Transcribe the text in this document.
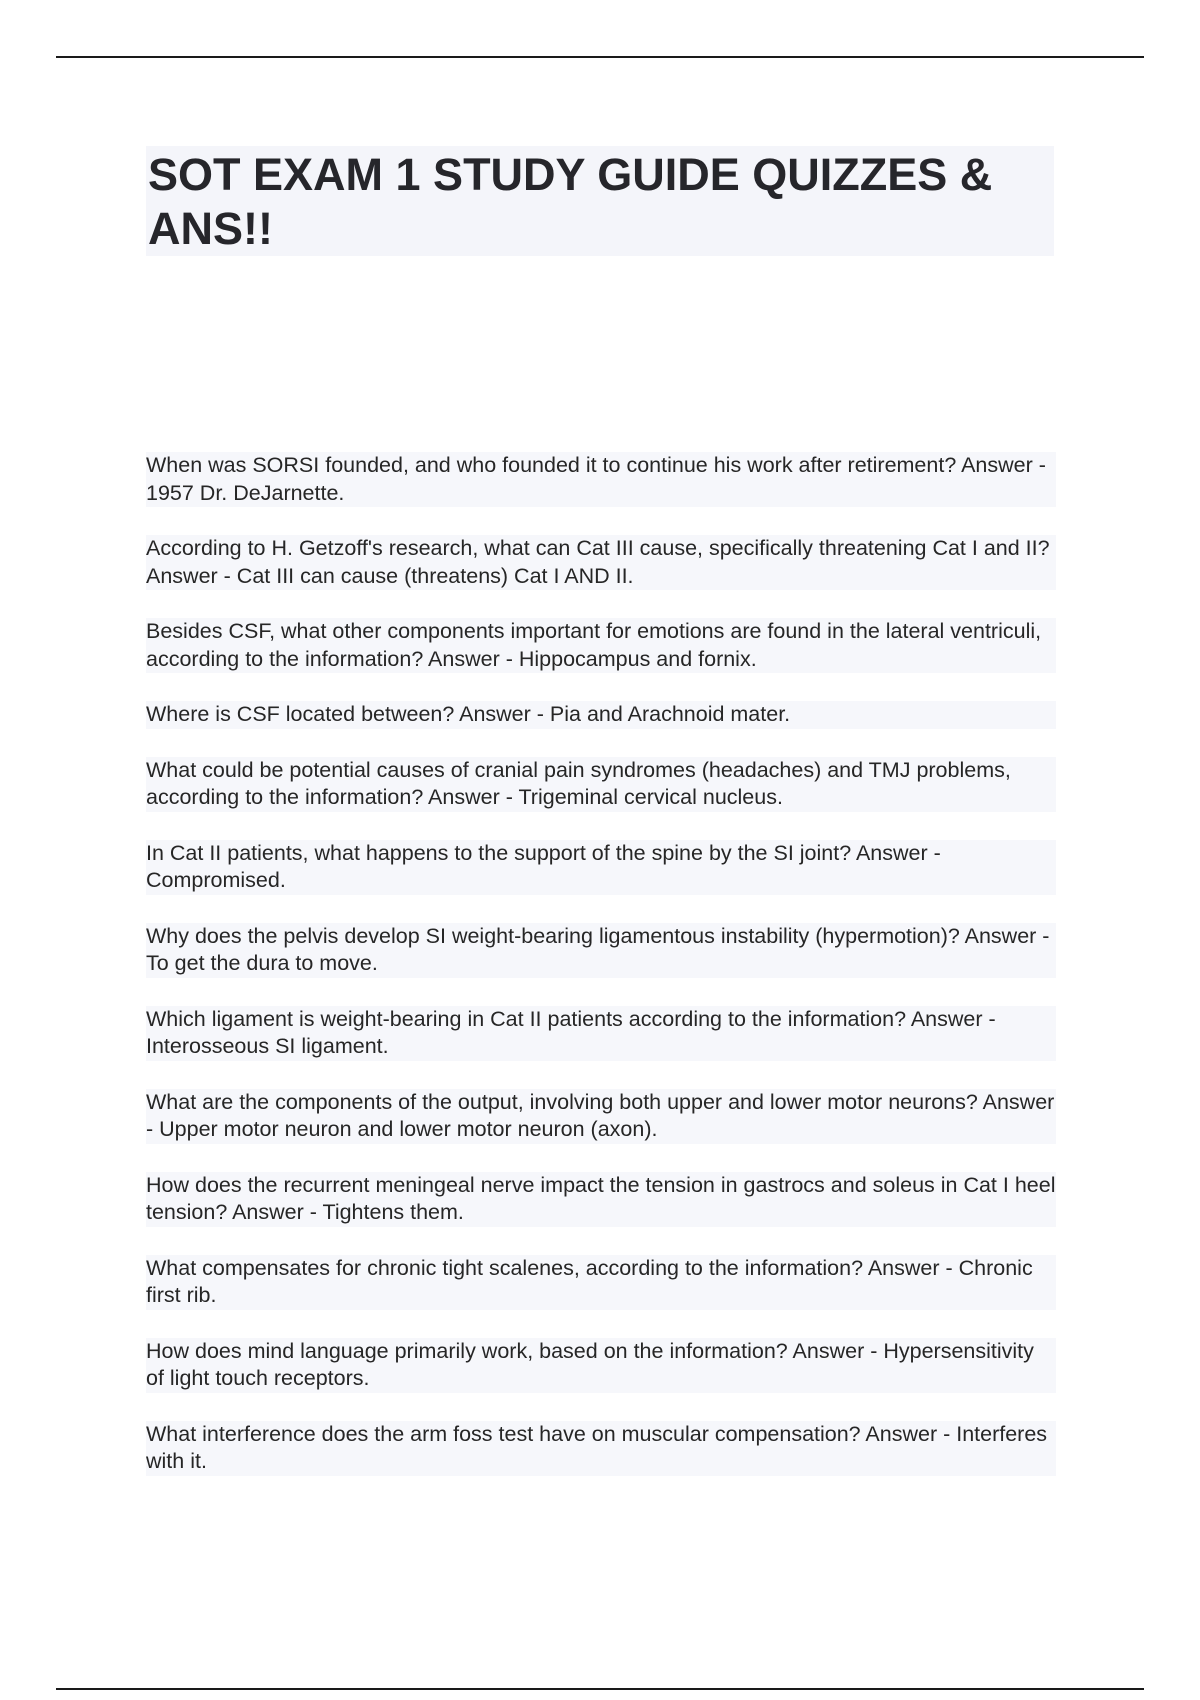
SOT EXAM 1 STUDY GUIDE QUIZZES & ANS!!

When was SORSI founded, and who founded it to continue his work after retirement? Answer - 1957 Dr. DeJarnette.

According to H. Getzoff's research, what can Cat III cause, specifically threatening Cat I and II? Answer - Cat III can cause (threatens) Cat I AND II.

Besides CSF, what other components important for emotions are found in the lateral ventriculi, according to the information? Answer - Hippocampus and fornix.

Where is CSF located between? Answer - Pia and Arachnoid mater.

What could be potential causes of cranial pain syndromes (headaches) and TMJ problems, according to the information? Answer - Trigeminal cervical nucleus.

In Cat II patients, what happens to the support of the spine by the SI joint? Answer - Compromised.

Why does the pelvis develop SI weight-bearing ligamentous instability (hypermotion)? Answer - To get the dura to move.

Which ligament is weight-bearing in Cat II patients according to the information? Answer - Interosseous SI ligament.

What are the components of the output, involving both upper and lower motor neurons? Answer - Upper motor neuron and lower motor neuron (axon).

How does the recurrent meningeal nerve impact the tension in gastrocs and soleus in Cat I heel tension? Answer - Tightens them.

What compensates for chronic tight scalenes, according to the information? Answer - Chronic first rib.

How does mind language primarily work, based on the information? Answer - Hypersensitivity of light touch receptors.

What interference does the arm foss test have on muscular compensation? Answer - Interferes with it.
